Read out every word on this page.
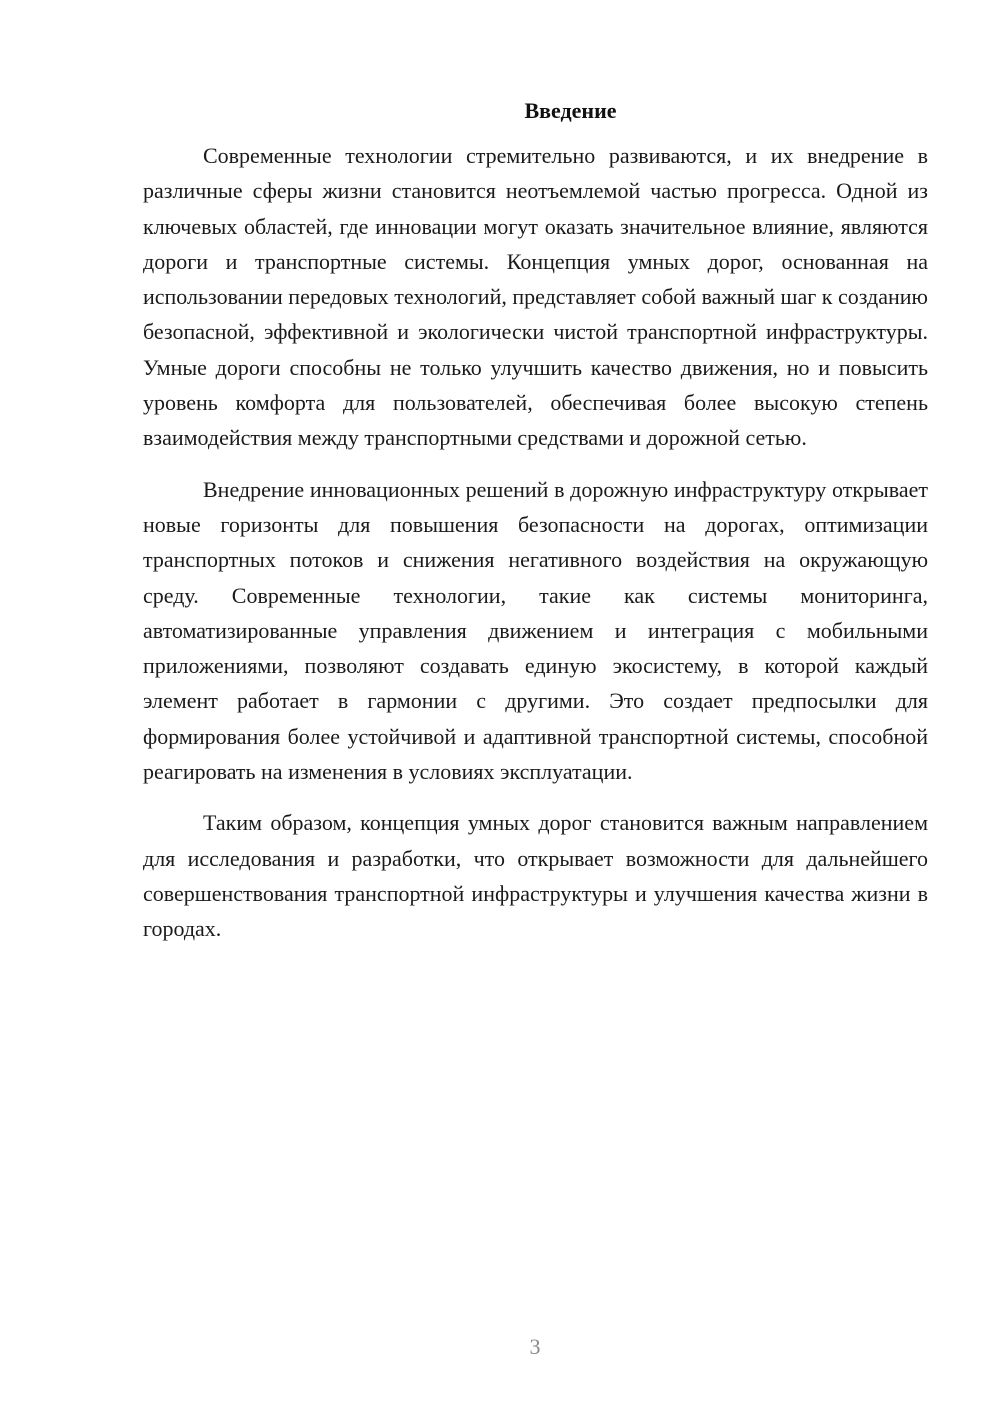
Введение

Современные технологии стремительно развиваются, и их внедрение в различные сферы жизни становится неотъемлемой частью прогресса. Одной из ключевых областей, где инновации могут оказать значительное влияние, являются дороги и транспортные системы. Концепция умных дорог, основанная на использовании передовых технологий, представляет собой важный шаг к созданию безопасной, эффективной и экологически чистой транспортной инфраструктуры. Умные дороги способны не только улучшить качество движения, но и повысить уровень комфорта для пользователей, обеспечивая более высокую степень взаимодействия между транспортными средствами и дорожной сетью.

Внедрение инновационных решений в дорожную инфраструктуру открывает новые горизонты для повышения безопасности на дорогах, оптимизации транспортных потоков и снижения негативного воздействия на окружающую среду. Современные технологии, такие как системы мониторинга, автоматизированные управления движением и интеграция с мобильными приложениями, позволяют создавать единую экосистему, в которой каждый элемент работает в гармонии с другими. Это создает предпосылки для формирования более устойчивой и адаптивной транспортной системы, способной реагировать на изменения в условиях эксплуатации.

Таким образом, концепция умных дорог становится важным направлением для исследования и разработки, что открывает возможности для дальнейшего совершенствования транспортной инфраструктуры и улучшения качества жизни в городах.

3
